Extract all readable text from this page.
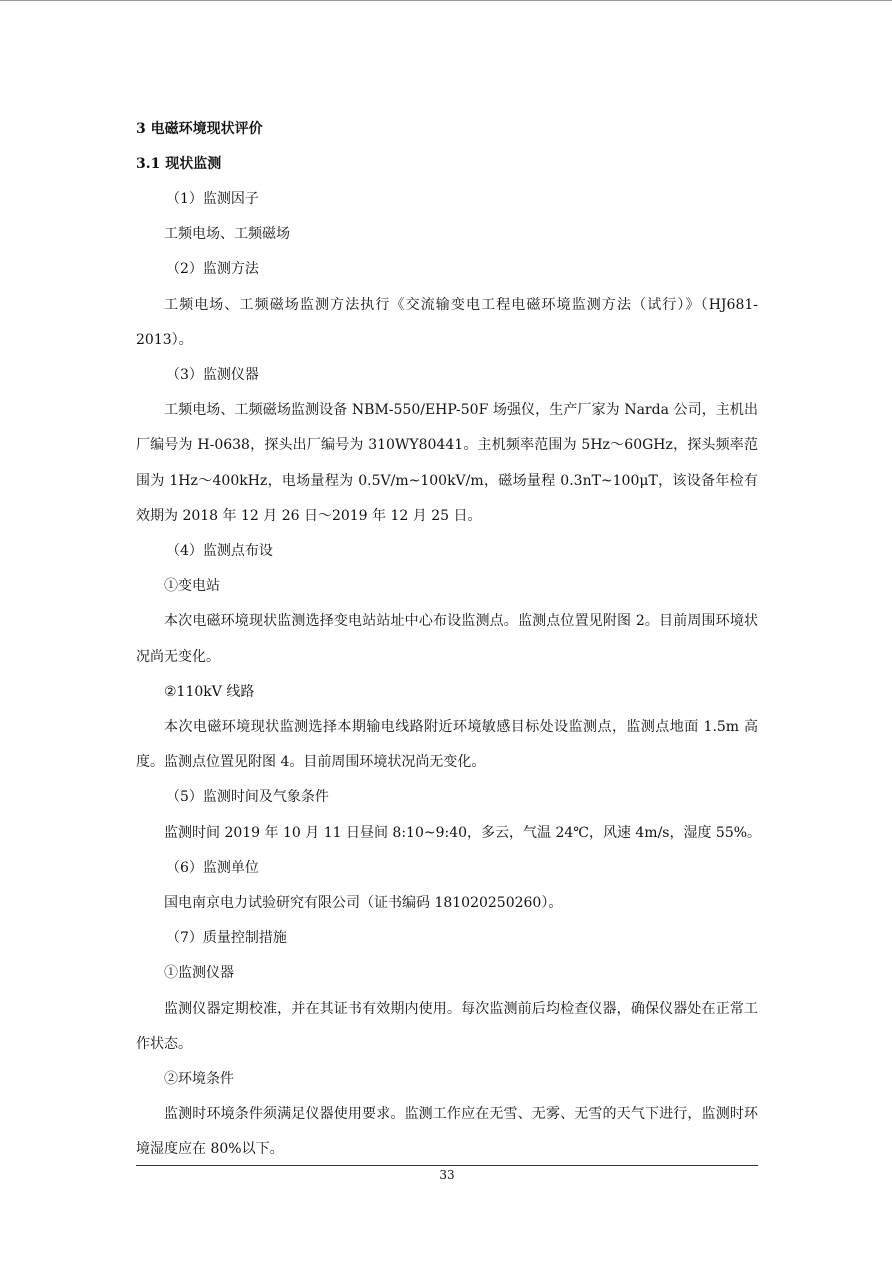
3 电磁环境现状评价

3.1 现状监测

（1）监测因子

工频电场、工频磁场

（2）监测方法

工频电场、工频磁场监测方法执行《交流输变电工程电磁环境监测方法（试行）》（HJ681-2013）。

（3）监测仪器

工频电场、工频磁场监测设备 NBM-550/EHP-50F 场强仪，生产厂家为 Narda 公司，主机出厂编号为 H-0638，探头出厂编号为 310WY80441。主机频率范围为 5Hz～60GHz，探头频率范围为 1Hz～400kHz，电场量程为 0.5V/m~100kV/m，磁场量程 0.3nT~100μT，该设备年检有效期为 2018 年 12 月 26 日～2019 年 12 月 25 日。

（4）监测点布设

①变电站

本次电磁环境现状监测选择变电站站址中心布设监测点。监测点位置见附图 2。目前周围环境状况尚无变化。

②110kV 线路

本次电磁环境现状监测选择本期输电线路附近环境敏感目标处设监测点，监测点地面 1.5m 高度。监测点位置见附图 4。目前周围环境状况尚无变化。

（5）监测时间及气象条件

监测时间 2019 年 10 月 11 日昼间 8:10~9:40，多云，气温 24℃，风速 4m/s，湿度 55%。

（6）监测单位

国电南京电力试验研究有限公司（证书编码 181020250260）。

（7）质量控制措施

①监测仪器

监测仪器定期校准，并在其证书有效期内使用。每次监测前后均检查仪器，确保仪器处在正常工作状态。

②环境条件

监测时环境条件须满足仪器使用要求。监测工作应在无雪、无雾、无雪的天气下进行，监测时环境湿度应在 80%以下。

33
